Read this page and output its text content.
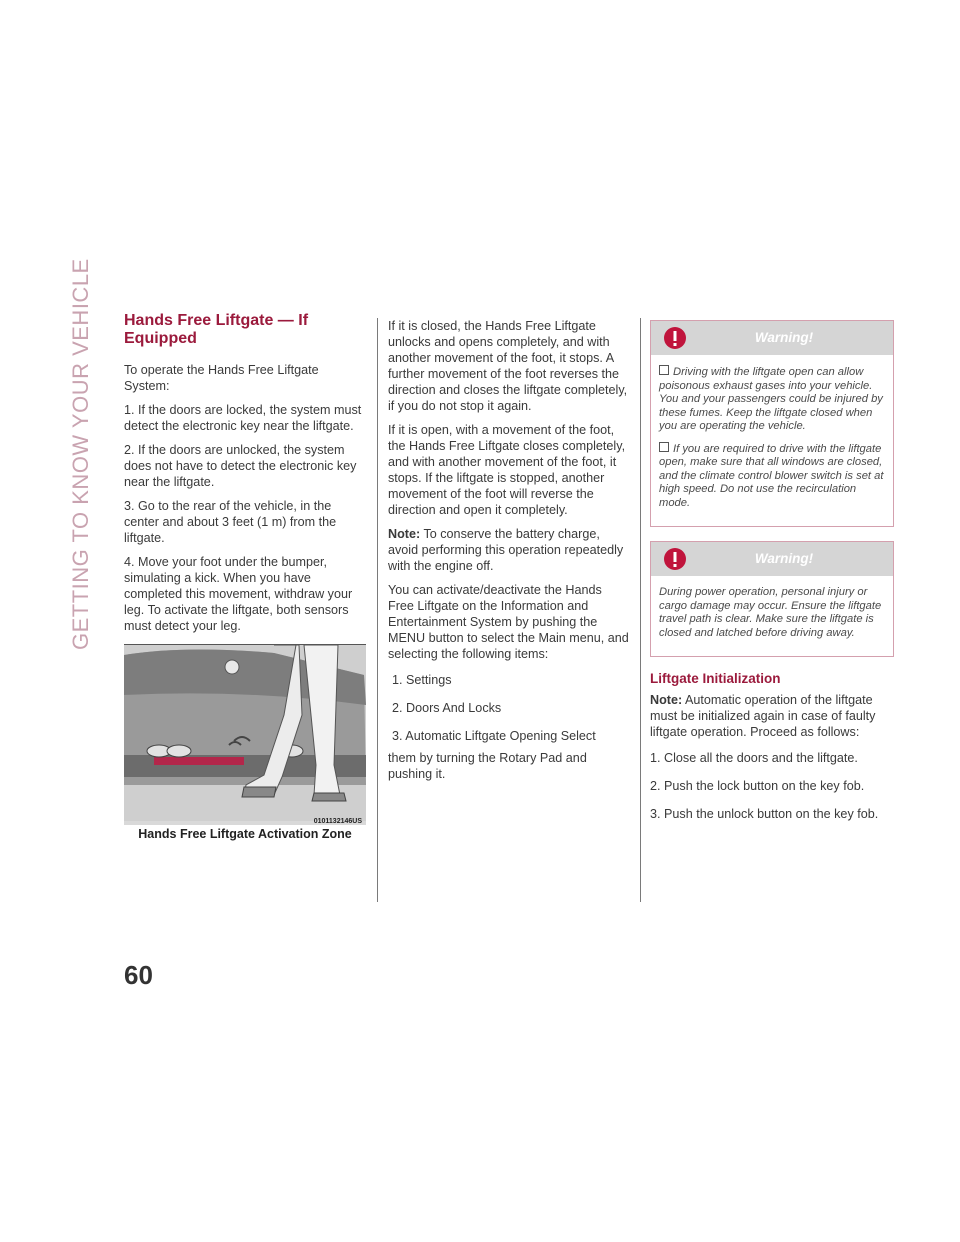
GETTING TO KNOW YOUR VEHICLE Hands Free Liftgate — If Equipped

To operate the Hands Free Liftgate System:

1. If the doors are locked, the system must detect the electronic key near the liftgate.

2. If the doors are unlocked, the system does not have to detect the electronic key near the liftgate.

3. Go to the rear of the vehicle, in the center and about 3 feet (1 m) from the liftgate.

4. Move your foot under the bumper, simulating a kick. When you have completed this movement, withdraw your leg. To activate the liftgate, both sensors must detect your leg.

0101132146US
Hands Free Liftgate Activation Zone

If it is closed, the Hands Free Liftgate unlocks and opens completely, and with another movement of the foot, it stops. A further movement of the foot reverses the direction and closes the liftgate completely, if you do not stop it again.

If it is open, with a movement of the foot, the Hands Free Liftgate closes completely, and with another movement of the foot, it stops. If the liftgate is stopped, another movement of the foot will reverse the direction and open it completely.

Note: To conserve the battery charge, avoid performing this operation repeatedly with the engine off.

You can activate/deactivate the Hands Free Liftgate on the Information and Entertainment System by pushing the MENU button to select the Main menu, and selecting the following items:

1. Settings

2. Doors And Locks

3. Automatic Liftgate Opening Select

them by turning the Rotary Pad and pushing it.

Warning!

Driving with the liftgate open can allow poisonous exhaust gases into your vehicle. You and your passengers could be injured by these fumes. Keep the liftgate closed when you are operating the vehicle.

If you are required to drive with the liftgate open, make sure that all windows are closed, and the climate control blower switch is set at high speed. Do not use the recirculation mode.

Warning!

During power operation, personal injury or cargo damage may occur. Ensure the liftgate travel path is clear. Make sure the liftgate is closed and latched before driving away.

Liftgate Initialization

Note: Automatic operation of the liftgate must be initialized again in case of faulty liftgate operation. Proceed as follows:

1. Close all the doors and the liftgate.

2. Push the lock button on the key fob.

3. Push the unlock button on the key fob.

60
